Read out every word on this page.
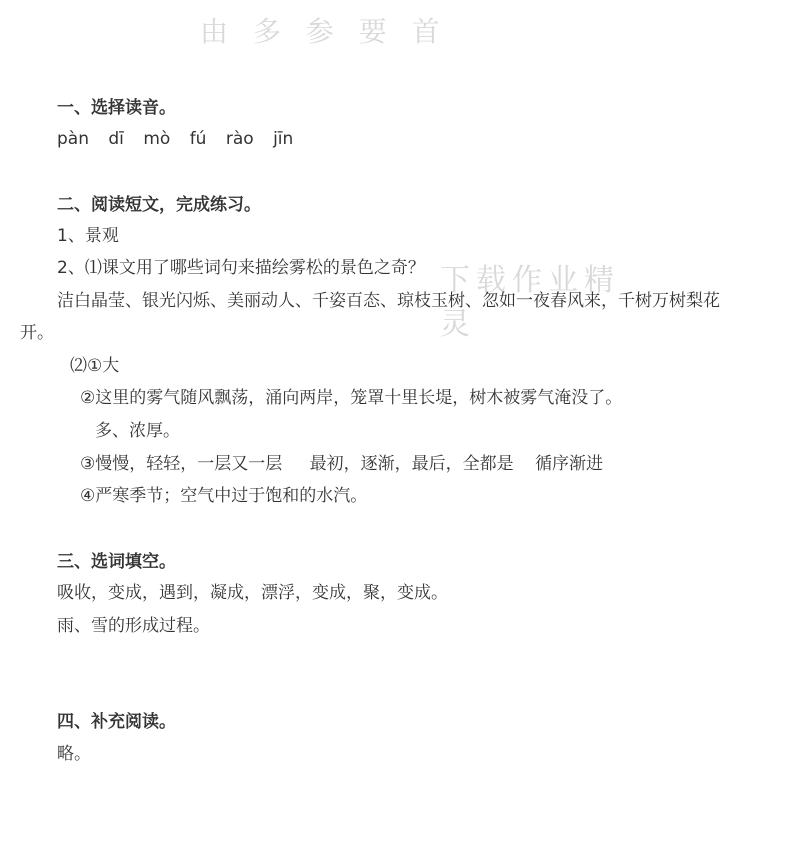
由 多 参 要 首
下载作业精灵
一、选择读音。
pàn dī mò fú rào jīn
二、阅读短文，完成练习。
1、景观
2、⑴课文用了哪些词句来描绘雾松的景色之奇？
洁白晶莹、银光闪烁、美丽动人、千姿百态、琼枝玉树、忽如一夜春风来，千树万树梨花
开。
⑵①大
②这里的雾气随风飘荡，涌向两岸，笼罩十里长堤，树木被雾气淹没了。
多、浓厚。
③慢慢，轻轻，一层又一层 最初，逐渐，最后，全都是 循序渐进
④严寒季节；空气中过于饱和的水汽。
三、选词填空。
吸收，变成，遇到，凝成，漂浮，变成，聚，变成。
雨、雪的形成过程。
四、补充阅读。
略。
